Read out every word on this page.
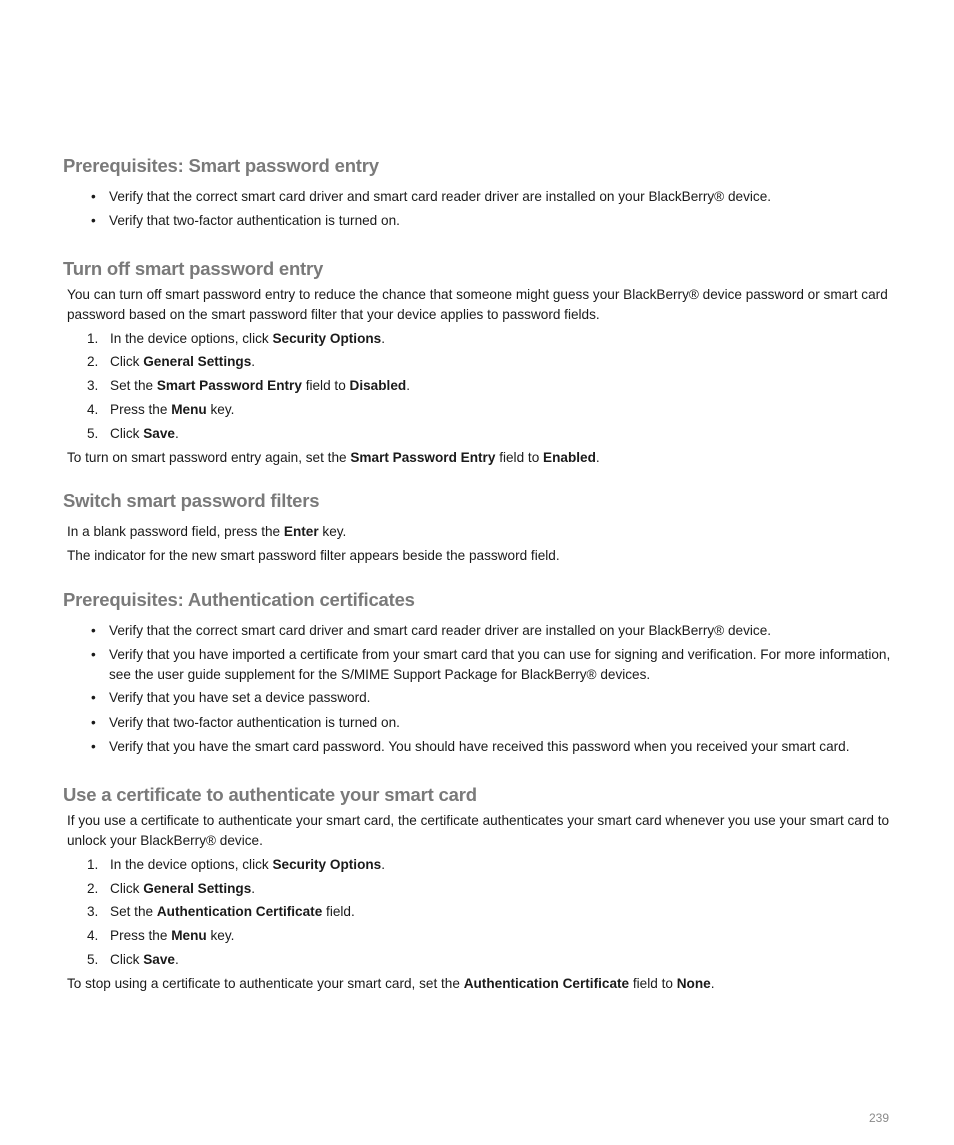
Prerequisites: Smart password entry
• Verify that the correct smart card driver and smart card reader driver are installed on your BlackBerry® device.
• Verify that two-factor authentication is turned on.
Turn off smart password entry

You can turn off smart password entry to reduce the chance that someone might guess your BlackBerry® device password or smart card password based on the smart password filter that your device applies to password fields.

1. In the device options, click Security Options.
2. Click General Settings.
3. Set the Smart Password Entry field to Disabled.
4. Press the Menu key.
5. Click Save.

To turn on smart password entry again, set the Smart Password Entry field to Enabled.

Switch smart password filters

In a blank password field, press the Enter key.

The indicator for the new smart password filter appears beside the password field.

Prerequisites: Authentication certificates
• Verify that the correct smart card driver and smart card reader driver are installed on your BlackBerry® device.
• Verify that you have imported a certificate from your smart card that you can use for signing and verification. For more information, see the user guide supplement for the S/MIME Support Package for BlackBerry® devices.
• Verify that you have set a device password.
• Verify that two-factor authentication is turned on.
• Verify that you have the smart card password. You should have received this password when you received your smart card.
Use a certificate to authenticate your smart card

If you use a certificate to authenticate your smart card, the certificate authenticates your smart card whenever you use your smart card to unlock your BlackBerry® device.

1. In the device options, click Security Options.
2. Click General Settings.
3. Set the Authentication Certificate field.
4. Press the Menu key.
5. Click Save.

To stop using a certificate to authenticate your smart card, set the Authentication Certificate field to None.

239
